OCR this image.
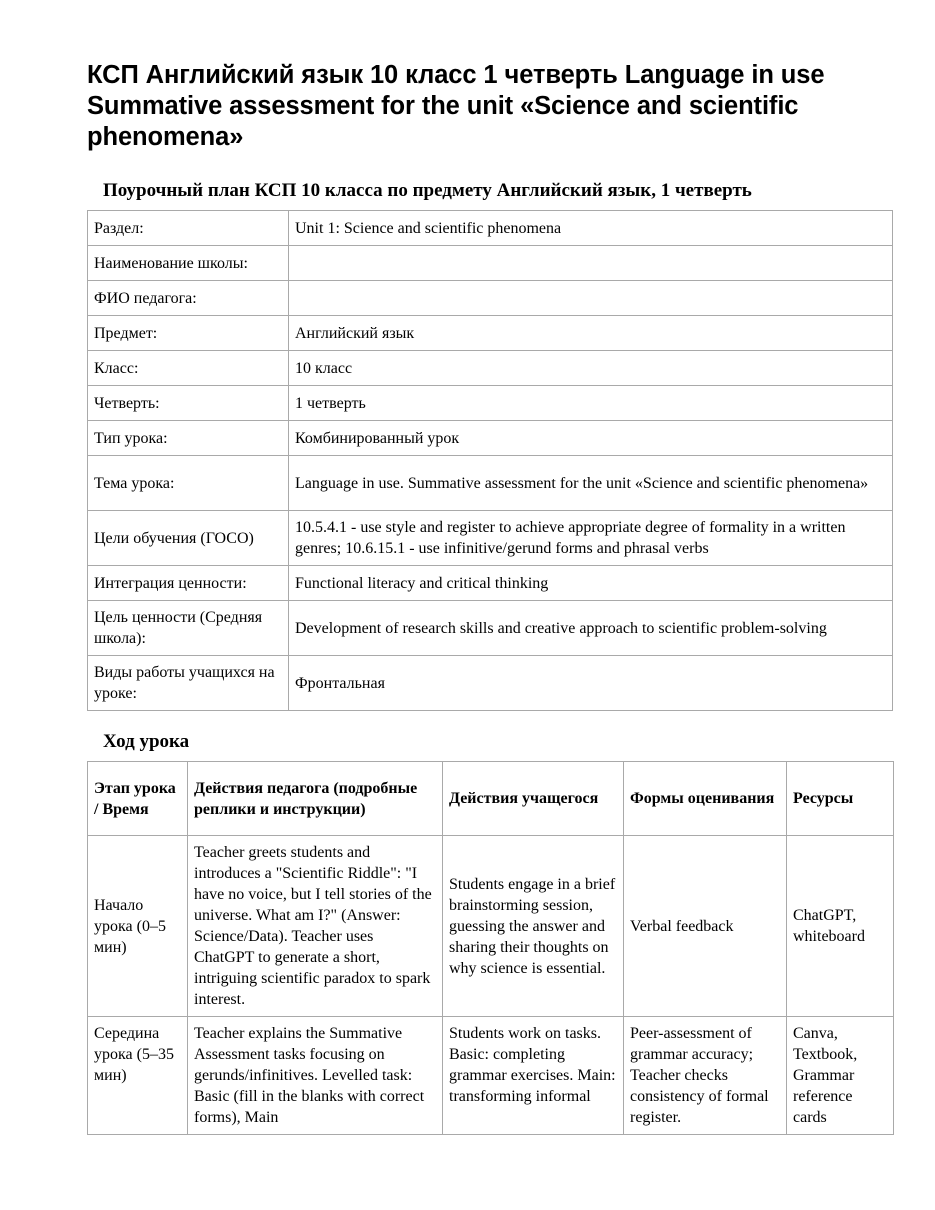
КСП Английский язык 10 класс 1 четверть Language in use Summative assessment for the unit «Science and scientific phenomena»
Поурочный план КСП 10 класса по предмету Английский язык, 1 четверть
Раздел:	Unit 1: Science and scientific phenomena
Наименование школы:	
ФИО педагога:	
Предмет:	Английский язык
Класс:	10 класс
Четверть:	1 четверть
Тип урока:	Комбинированный урок
Тема урока:	Language in use. Summative assessment for the unit «Science and scientific phenomena»
Цели обучения (ГОСО)	10.5.4.1 - use style and register to achieve appropriate degree of formality in a written genres; 10.6.15.1 - use infinitive/gerund forms and phrasal verbs
Интеграция ценности:	Functional literacy and critical thinking
Цель ценности (Средняя школа):	Development of research skills and creative approach to scientific problem-solving
Виды работы учащихся на уроке:	Фронтальная
Ход урока
Этап урока / Время	Действия педагога (подробные реплики и инструкции)	Действия учащегося	Формы оценивания	Ресурсы
Начало урока (0–5 мин)	Teacher greets students and introduces a "Scientific Riddle": "I have no voice, but I tell stories of the universe. What am I?" (Answer: Science/Data). Teacher uses ChatGPT to generate a short, intriguing scientific paradox to spark interest.	Students engage in a brief brainstorming session, guessing the answer and sharing their thoughts on why science is essential.	Verbal feedback	ChatGPT, whiteboard
Середина урока (5–35 мин)	Teacher explains the Summative Assessment tasks focusing on gerunds/infinitives. Levelled task: Basic (fill in the blanks with correct forms), Main	Students work on tasks. Basic: completing grammar exercises. Main: transforming informal	Peer-assessment of grammar accuracy; Teacher checks consistency of formal register.	Canva, Textbook, Grammar reference cards
